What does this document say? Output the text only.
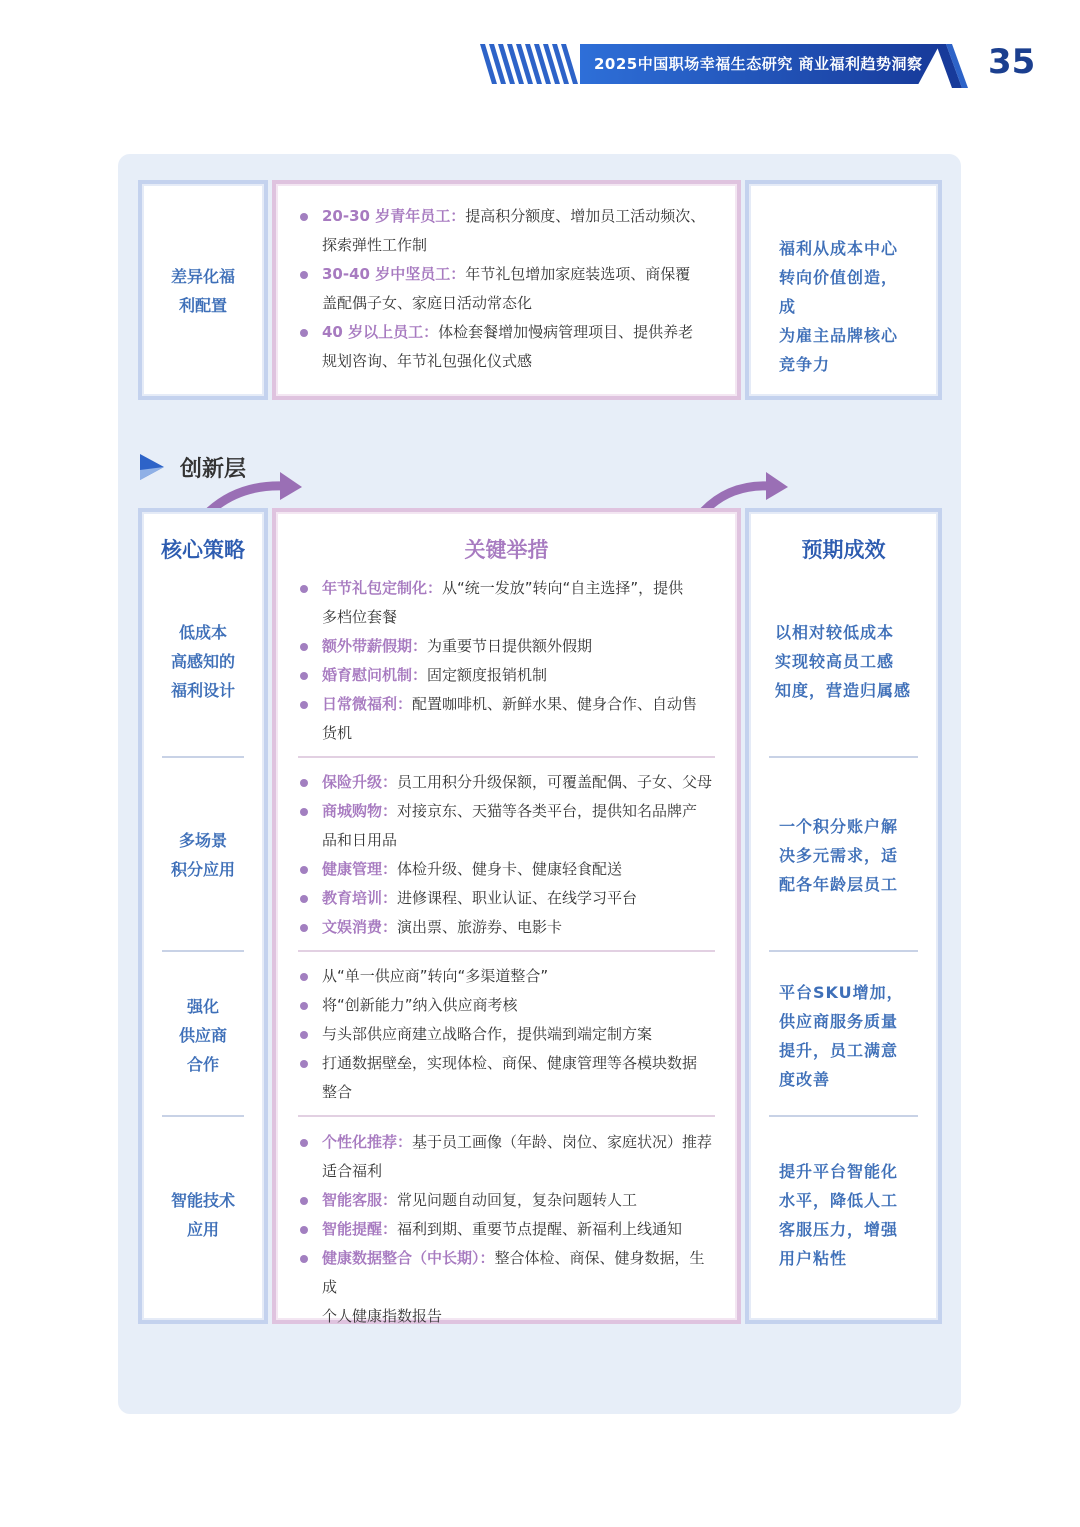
2025中国职场幸福生态研究 商业福利趋势洞察 35
差异化福
利配置
20-30 岁青年员工：提高积分额度、增加员工活动频次、
探索弹性工作制
30-40 岁中坚员工：年节礼包增加家庭装选项、商保覆
盖配偶子女、家庭日活动常态化
40 岁以上员工：体检套餐增加慢病管理项目、提供养老
规划咨询、年节礼包强化仪式感
福利从成本中心
转向价值创造，成
为雇主品牌核心
竞争力
创新层
核心策略
低成本
高感知的
福利设计
多场景
积分应用
强化
供应商
合作
智能技术
应用
关键举措
年节礼包定制化：从“统一发放”转向“自主选择”，提供
多档位套餐
额外带薪假期：为重要节日提供额外假期
婚育慰问机制：固定额度报销机制
日常微福利：配置咖啡机、新鲜水果、健身合作、自动售
货机
保险升级：员工用积分升级保额，可覆盖配偶、子女、父母
商城购物：对接京东、天猫等各类平台，提供知名品牌产
品和日用品
健康管理：体检升级、健身卡、健康轻食配送
教育培训：进修课程、职业认证、在线学习平台
文娱消费：演出票、旅游券、电影卡
从“单一供应商”转向“多渠道整合”
将“创新能力”纳入供应商考核
与头部供应商建立战略合作，提供端到端定制方案
打通数据壁垒，实现体检、商保、健康管理等各模块数据
整合
个性化推荐：基于员工画像（年龄、岗位、家庭状况）推荐
适合福利
智能客服：常见问题自动回复，复杂问题转人工
智能提醒：福利到期、重要节点提醒、新福利上线通知
健康数据整合（中长期）：整合体检、商保、健身数据，生成
个人健康指数报告
预期成效
以相对较低成本
实现较高员工感
知度，营造归属感
一个积分账户解
决多元需求，适
配各年龄层员工
平台SKU增加，
供应商服务质量
提升，员工满意
度改善
提升平台智能化
水平，降低人工
客服压力，增强
用户粘性
